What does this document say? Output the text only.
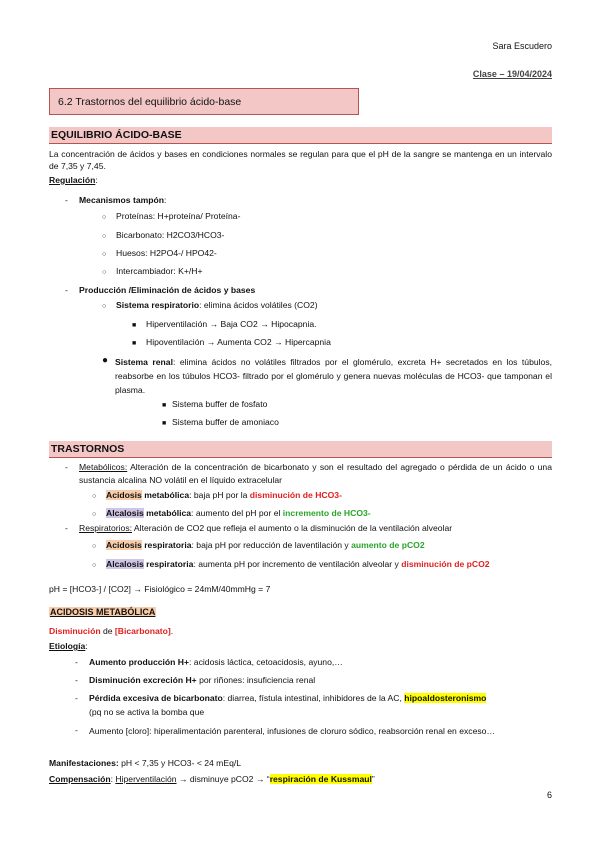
Sara Escudero
Clase – 19/04/2024
6.2 Trastornos del equilibrio ácido-base
EQUILIBRIO ÁCIDO-BASE
La concentración de ácidos y bases en condiciones normales se regulan para que el pH de la sangre se mantenga en un intervalo de 7,35 y 7,45.
Regulación:
- Mecanismos tampón:
○ Proteínas: H+proteína/ Proteína-
○ Bicarbonato: H2CO3/HCO3-
○ Huesos: H2PO4-/ HPO42-
○ Intercambiador: K+/H+
- Producción /Eliminación de ácidos y bases
○ Sistema respiratorio: elimina ácidos volátiles (CO2)
■ Hiperventilación → Baja CO2 → Hipocapnia.
■ Hipoventilación → Aumenta CO2 → Hipercapnia
● Sistema renal: elimina ácidos no volátiles filtrados por el glomérulo, excreta H+ secretados en los túbulos, reabsorbe en los túbulos HCO3- filtrado por el glomérulo y genera nuevas moléculas de HCO3- que tamponan el plasma.
■ Sistema buffer de fosfato
■ Sistema buffer de amoniaco
TRASTORNOS
- Metabólicos: Alteración de la concentración de bicarbonato y son el resultado del agregado o pérdida de un ácido o una sustancia alcalina NO volátil en el líquido extracelular
○ Acidosis metabólica: baja pH por la disminución de HCO3-
○ Alcalosis metabólica: aumento del pH por el incremento de HCO3-
- Respiratorios: Alteración de CO2 que refleja el aumento o la disminución de la ventilación alveolar
○ Acidosis respiratoria: baja pH por reducción de laventilación y aumento de pCO2
○ Alcalosis respiratoria: aumenta pH por incremento de ventilación alveolar y disminución de pCO2
pH = [HCO3-] / [CO2] → Fisiológico = 24mM/40mmHg = 7
ACIDOSIS METABÓLICA
Disminución de [Bicarbonato].
Etiología:
- Aumento producción H+: acidosis láctica, cetoacidosis, ayuno,…
- Disminución excreción H+ por riñones: insuficiencia renal
- Pérdida excesiva de bicarbonato: diarrea, fístula intestinal, inhibidores de la AC, hipoaldosteronismo
(pq no se activa la bomba que
- Aumento [cloro]: hiperalimentación parenteral, infusiones de cloruro sódico, reabsorción renal en exceso…
Manifestaciones: pH < 7,35 y HCO3- < 24 mEq/L
Compensación: Hiperventilación → disminuye pCO2 → “respiración de Kussmaul”
6
